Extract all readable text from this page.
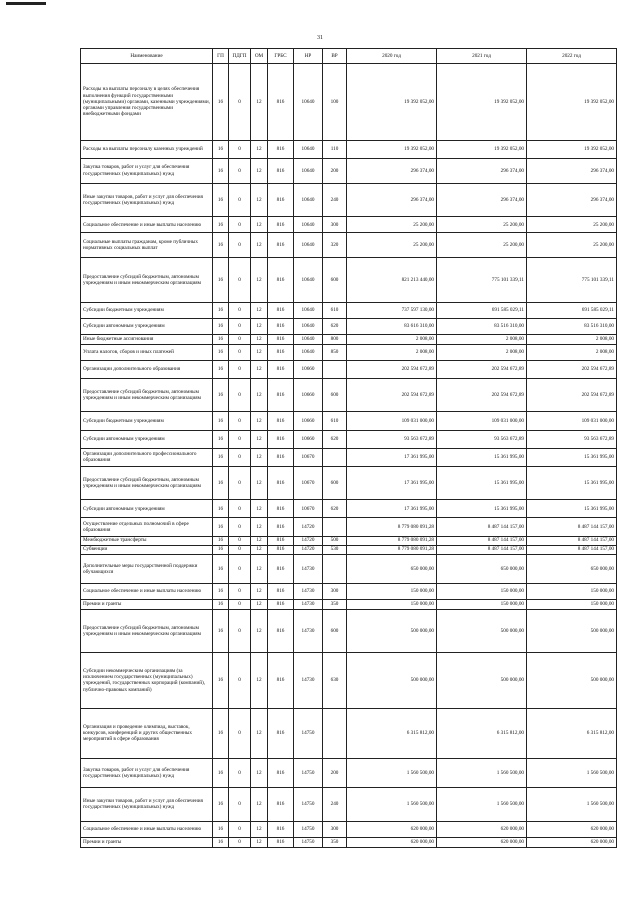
31
Наименование	ГП	ПДГП	ОМ	ГРБС	НР	ВР	2020 год	2021 год	2022 год
Расходы на выплаты персоналу в целях обеспечения выполнения функций государственными (муниципальными) органами, казенными учреждениями, органами управления государственными внебюджетными фондами	16	0	12	816	10640	100	19 392 052,00	19 392 052,00	19 392 052,00
Расходы на выплаты персоналу казенных учреждений	16	0	12	816	10640	110	19 392 052,00	19 392 052,00	19 392 052,00
Закупка товаров, работ и услуг для обеспечения государственных (муниципальных) нужд	16	0	12	816	10640	200	296 374,00	296 374,00	296 374,00
Иные закупки товаров, работ и услуг для обеспечения государственных (муниципальных) нужд	16	0	12	816	10640	240	296 374,00	296 374,00	296 374,00
Социальное обеспечение и иные выплаты населению	16	0	12	816	10640	300	25 200,00	25 200,00	25 200,00
Социальные выплаты гражданам, кроме публичных нормативных социальных выплат	16	0	12	816	10640	320	25 200,00	25 200,00	25 200,00
Предоставление субсидий бюджетным, автономным учреждениям и иным некоммерческим организациям	16	0	12	816	10640	600	821 213 440,00	775 101 339,11	775 101 339,11
Субсидии бюджетным учреждениям	16	0	12	816	10640	610	737 597 130,00	691 585 029,11	691 585 029,11
Субсидии автономным учреждениям	16	0	12	816	10640	620	83 616 310,00	83 516 310,00	83 516 310,00
Иные бюджетные ассигнования	16	0	12	816	10640	800	2 008,00	2 008,00	2 008,00
Уплата налогов, сборов и иных платежей	16	0	12	816	10640	850	2 008,00	2 008,00	2 008,00
Организации дополнительного образования	16	0	12	816	10660		202 594 672,89	202 594 672,89	202 594 672,89
Предоставление субсидий бюджетным, автономным учреждениям и иным некоммерческим организациям	16	0	12	816	10660	600	202 594 672,89	202 594 672,89	202 594 672,89
Субсидии бюджетным учреждениям	16	0	12	816	10660	610	109 031 000,00	109 031 000,00	109 031 000,00
Субсидии автономным учреждениям	16	0	12	816	10660	620	93 563 672,89	93 563 672,89	93 563 672,89
Организации дополнительного профессионального образования	16	0	12	816	10670		17 361 995,00	15 361 995,00	15 361 995,00
Предоставление субсидий бюджетным, автономным учреждениям и иным некоммерческим организациям	16	0	12	816	10670	600	17 361 995,00	15 361 995,00	15 361 995,00
Субсидии автономным учреждениям	16	0	12	816	10670	620	17 361 995,00	15 361 995,00	15 361 995,00
Осуществление отдельных полномочий в сфере образования	16	0	12	816	14720		8 779 080 091,28	8 487 144 157,00	8 487 144 157,00
Межбюджетные трансферты	16	0	12	816	14720	500	8 779 080 091,28	8 487 144 157,00	8 487 144 157,00
Субвенции	16	0	12	816	14720	530	8 779 080 091,28	8 487 144 157,00	8 487 144 157,00
Дополнительные меры государственной поддержки обучающихся	16	0	12	816	14730		650 000,00	650 000,00	650 000,00
Социальное обеспечение и иные выплаты населению	16	0	12	816	14730	300	150 000,00	150 000,00	150 000,00
Премии и гранты	16	0	12	816	14730	350	150 000,00	150 000,00	150 000,00
Предоставление субсидий бюджетным, автономным учреждениям и иным некоммерческим организациям	16	0	12	816	14730	600	500 000,00	500 000,00	500 000,00
Субсидии некоммерческим организациям (за исключением государственных (муниципальных) учреждений, государственных корпораций (компаний), публично-правовых компаний)	16	0	12	816	14730	630	500 000,00	500 000,00	500 000,00
Организация и проведение олимпиад, выставок, конкурсов, конференций и других общественных мероприятий в сфере образования	16	0	12	816	14750		6 315 812,00	6 315 812,00	6 315 812,00
Закупка товаров, работ и услуг для обеспечения государственных (муниципальных) нужд	16	0	12	816	14750	200	1 560 500,00	1 560 500,00	1 560 500,00
Иные закупки товаров, работ и услуг для обеспечения государственных (муниципальных) нужд	16	0	12	816	14750	240	1 560 500,00	1 560 500,00	1 560 500,00
Социальное обеспечение и иные выплаты населению	16	0	12	816	14750	300	620 000,00	620 000,00	620 000,00
Премии и гранты	16	0	12	816	14750	350	620 000,00	620 000,00	620 000,00
